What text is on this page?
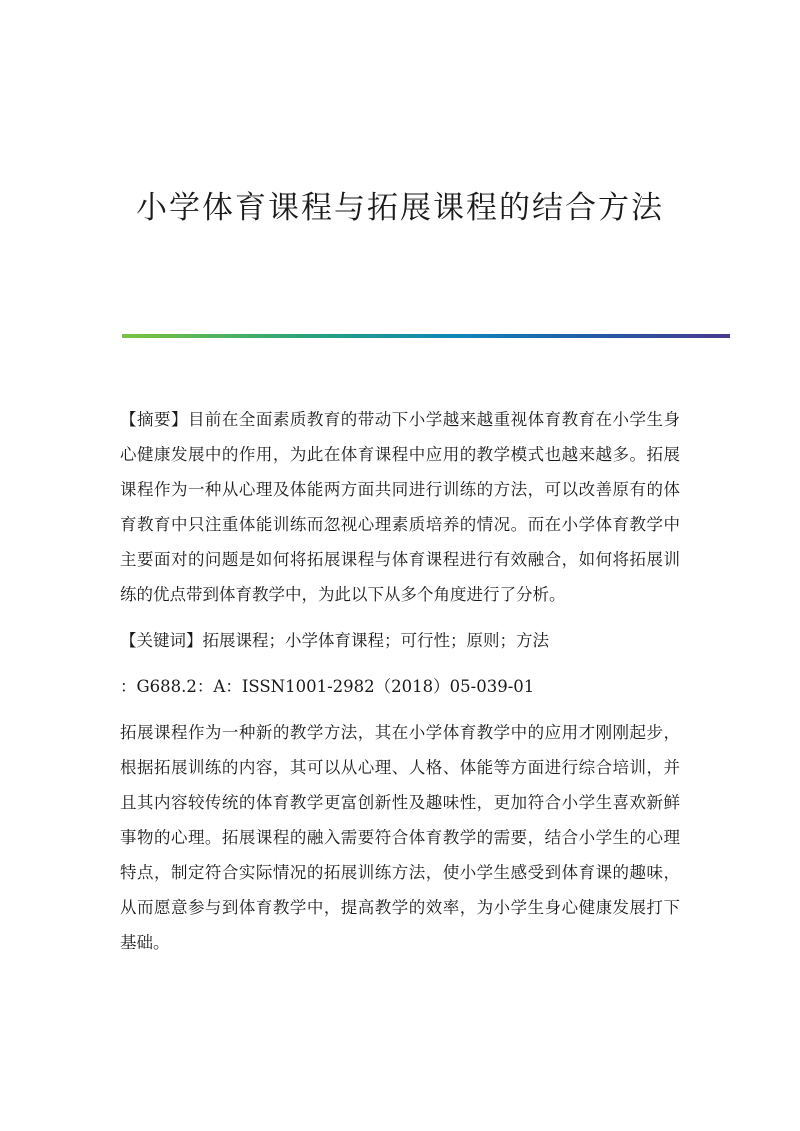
小学体育课程与拓展课程的结合方法

【摘要】目前在全面素质教育的带动下小学越来越重视体育教育在小学生身心健康发展中的作用，为此在体育课程中应用的教学模式也越来越多。拓展课程作为一种从心理及体能两方面共同进行训练的方法，可以改善原有的体育教育中只注重体能训练而忽视心理素质培养的情况。而在小学体育教学中主要面对的问题是如何将拓展课程与体育课程进行有效融合，如何将拓展训练的优点带到体育教学中，为此以下从多个角度进行了分析。

【关键词】拓展课程；小学体育课程；可行性；原则；方法

：G688.2：A：ISSN1001-2982（2018）05-039-01

拓展课程作为一种新的教学方法，其在小学体育教学中的应用才刚刚起步，根据拓展训练的内容，其可以从心理、人格、体能等方面进行综合培训，并且其内容较传统的体育教学更富创新性及趣味性，更加符合小学生喜欢新鲜事物的心理。拓展课程的融入需要符合体育教学的需要，结合小学生的心理特点，制定符合实际情况的拓展训练方法，使小学生感受到体育课的趣味，从而愿意参与到体育教学中，提高教学的效率，为小学生身心健康发展打下基础。
